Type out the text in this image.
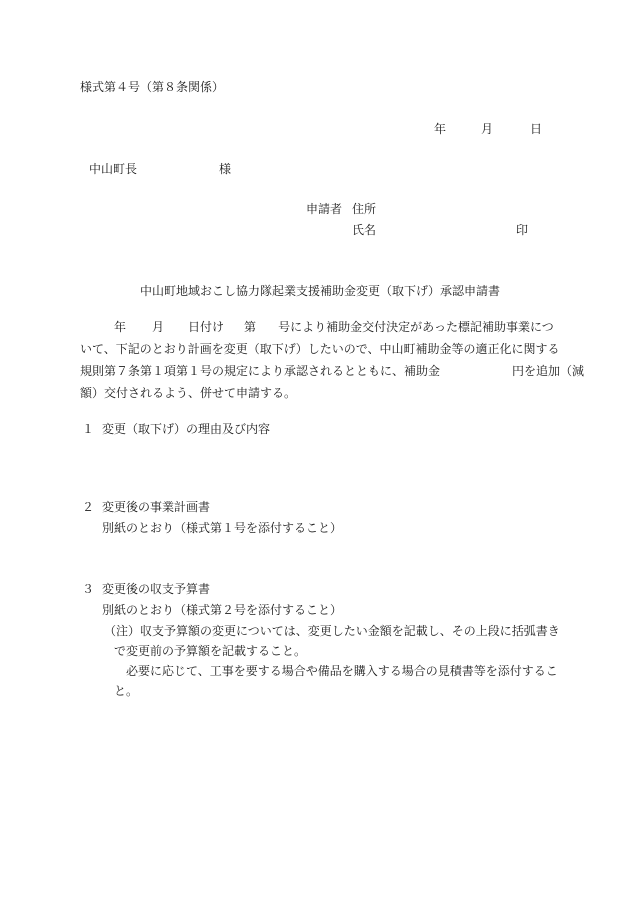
様式第４号（第８条関係）
年	月	日
中山町長	様
申請者 住所
氏名	印
中山町地域おこし協力隊起業支援補助金変更（取下げ）承認申請書
年 月 日付け 第 号により補助金交付決定があった標記補助事業につ
いて、下記のとおり計画を変更（取下げ）したいので、中山町補助金等の適正化に関する
規則第７条第１項第１号の規定により承認されるとともに、補助金　　　　　　円を追加（減
額）交付されるよう、併せて申請する。
１ 変更（取下げ）の理由及び内容
２ 変更後の事業計画書
別紙のとおり（様式第１号を添付すること）
３ 変更後の収支予算書
別紙のとおり（様式第２号を添付すること）
（注） 収支予算額の変更については、変更したい金額を記載し、その上段に括弧書き
で変更前の予算額を記載すること。
必要に応じて、工事を要する場合や備品を購入する場合の見積書等を添付するこ
と。
